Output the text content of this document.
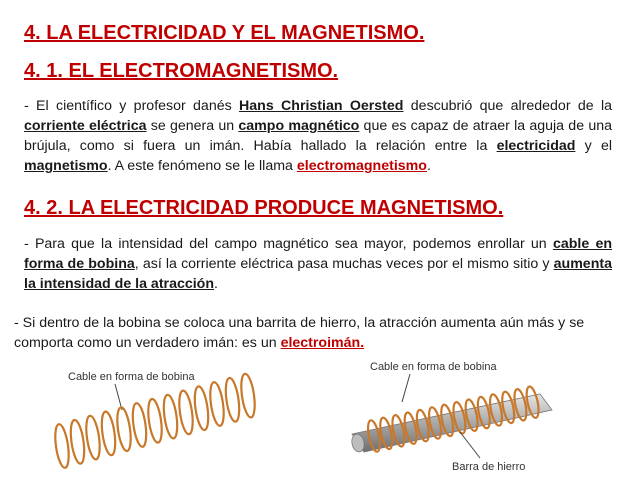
4. LA ELECTRICIDAD Y EL MAGNETISMO.
4. 1. EL ELECTROMAGNETISMO.
- El científico y profesor danés Hans Christian Oersted descubrió que alrededor de la corriente eléctrica se genera un campo magnético que es capaz de atraer la aguja de una brújula, como si fuera un imán. Había hallado la relación entre la electricidad y el magnetismo. A este fenómeno se le llama electromagnetismo.
4. 2. LA ELECTRICIDAD PRODUCE MAGNETISMO.
- Para que la intensidad del campo magnético sea mayor, podemos enrollar un cable en forma de bobina, así la corriente eléctrica pasa muchas veces por el mismo sitio y aumenta la intensidad de la atracción.
- Si dentro de la bobina se coloca una barrita de hierro, la atracción aumenta aún más y se comporta como un verdadero imán: es un electroimán.
Cable en forma de bobina
Cable en forma de bobina
Barra de hierro
